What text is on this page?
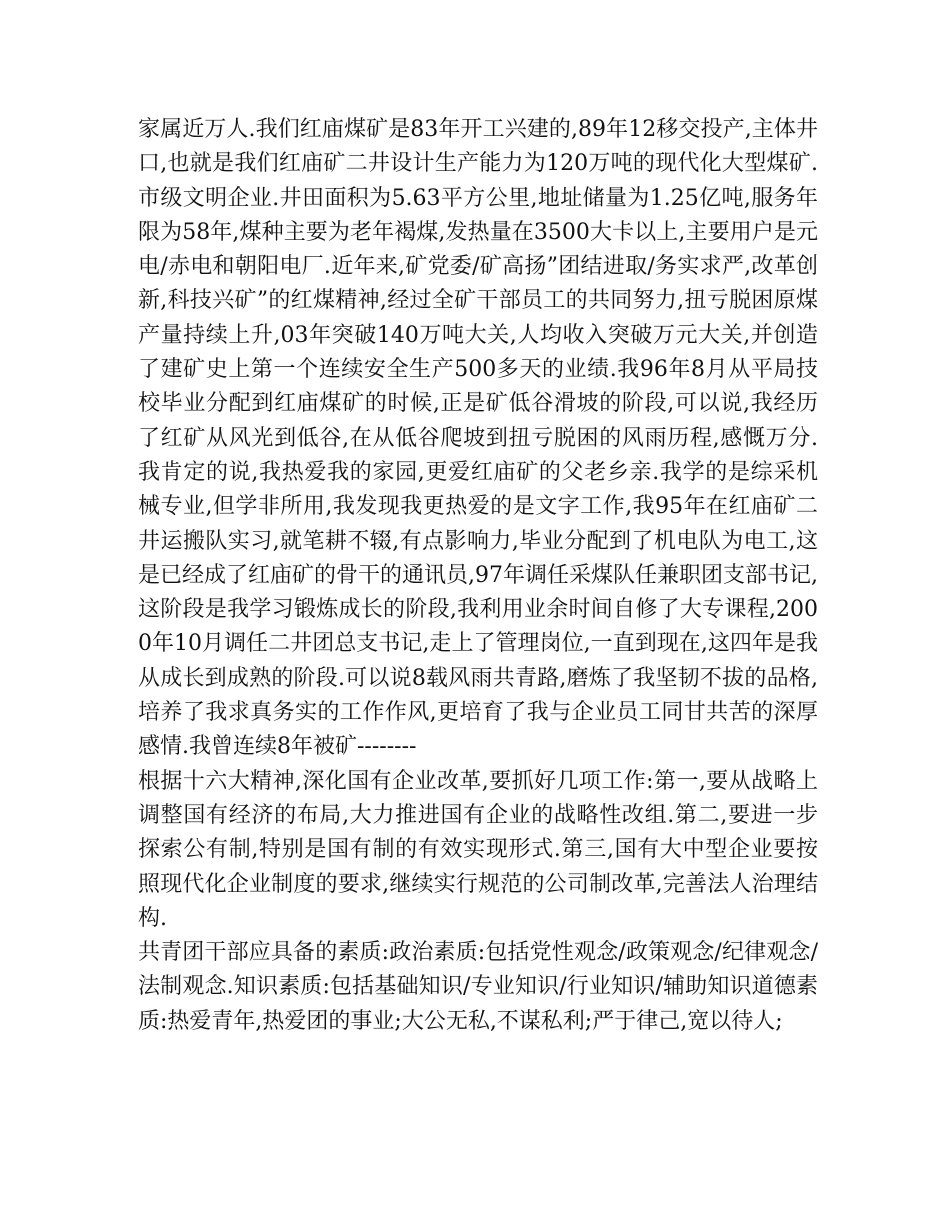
家属近万人.我们红庙煤矿是83年开工兴建的,89年12移交投产,主体井口,也就是我们红庙矿二井设计生产能力为120万吨的现代化大型煤矿.市级文明企业.井田面积为5.63平方公里,地址储量为1.25亿吨,服务年限为58年,煤种主要为老年褐煤,发热量在3500大卡以上,主要用户是元电/赤电和朝阳电厂.近年来,矿党委/矿高扬”团结进取/务实求严,改革创新,科技兴矿”的红煤精神,经过全矿干部员工的共同努力,扭亏脱困原煤产量持续上升,03年突破140万吨大关,人均收入突破万元大关,并创造了建矿史上第一个连续安全生产500多天的业绩.我96年8月从平局技校毕业分配到红庙煤矿的时候,正是矿低谷滑坡的阶段,可以说,我经历了红矿从风光到低谷,在从低谷爬坡到扭亏脱困的风雨历程,感慨万分.我肯定的说,我热爱我的家园,更爱红庙矿的父老乡亲.我学的是综采机械专业,但学非所用,我发现我更热爱的是文字工作,我95年在红庙矿二井运搬队实习,就笔耕不辍,有点影响力,毕业分配到了机电队为电工,这是已经成了红庙矿的骨干的通讯员,97年调任采煤队任兼职团支部书记,这阶段是我学习锻炼成长的阶段,我利用业余时间自修了大专课程,2000年10月调任二井团总支书记,走上了管理岗位,一直到现在,这四年是我从成长到成熟的阶段.可以说8载风雨共青路,磨炼了我坚韧不拔的品格,培养了我求真务实的工作作风,更培育了我与企业员工同甘共苦的深厚感情.我曾连续8年被矿--------

根据十六大精神,深化国有企业改革,要抓好几项工作:第一,要从战略上调整国有经济的布局,大力推进国有企业的战略性改组.第二,要进一步探索公有制,特别是国有制的有效实现形式.第三,国有大中型企业要按照现代化企业制度的要求,继续实行规范的公司制改革,完善法人治理结构.

共青团干部应具备的素质:政治素质:包括党性观念/政策观念/纪律观念/法制观念.知识素质:包括基础知识/专业知识/行业知识/辅助知识道德素质:热爱青年,热爱团的事业;大公无私,不谋私利;严于律己,宽以待人;
